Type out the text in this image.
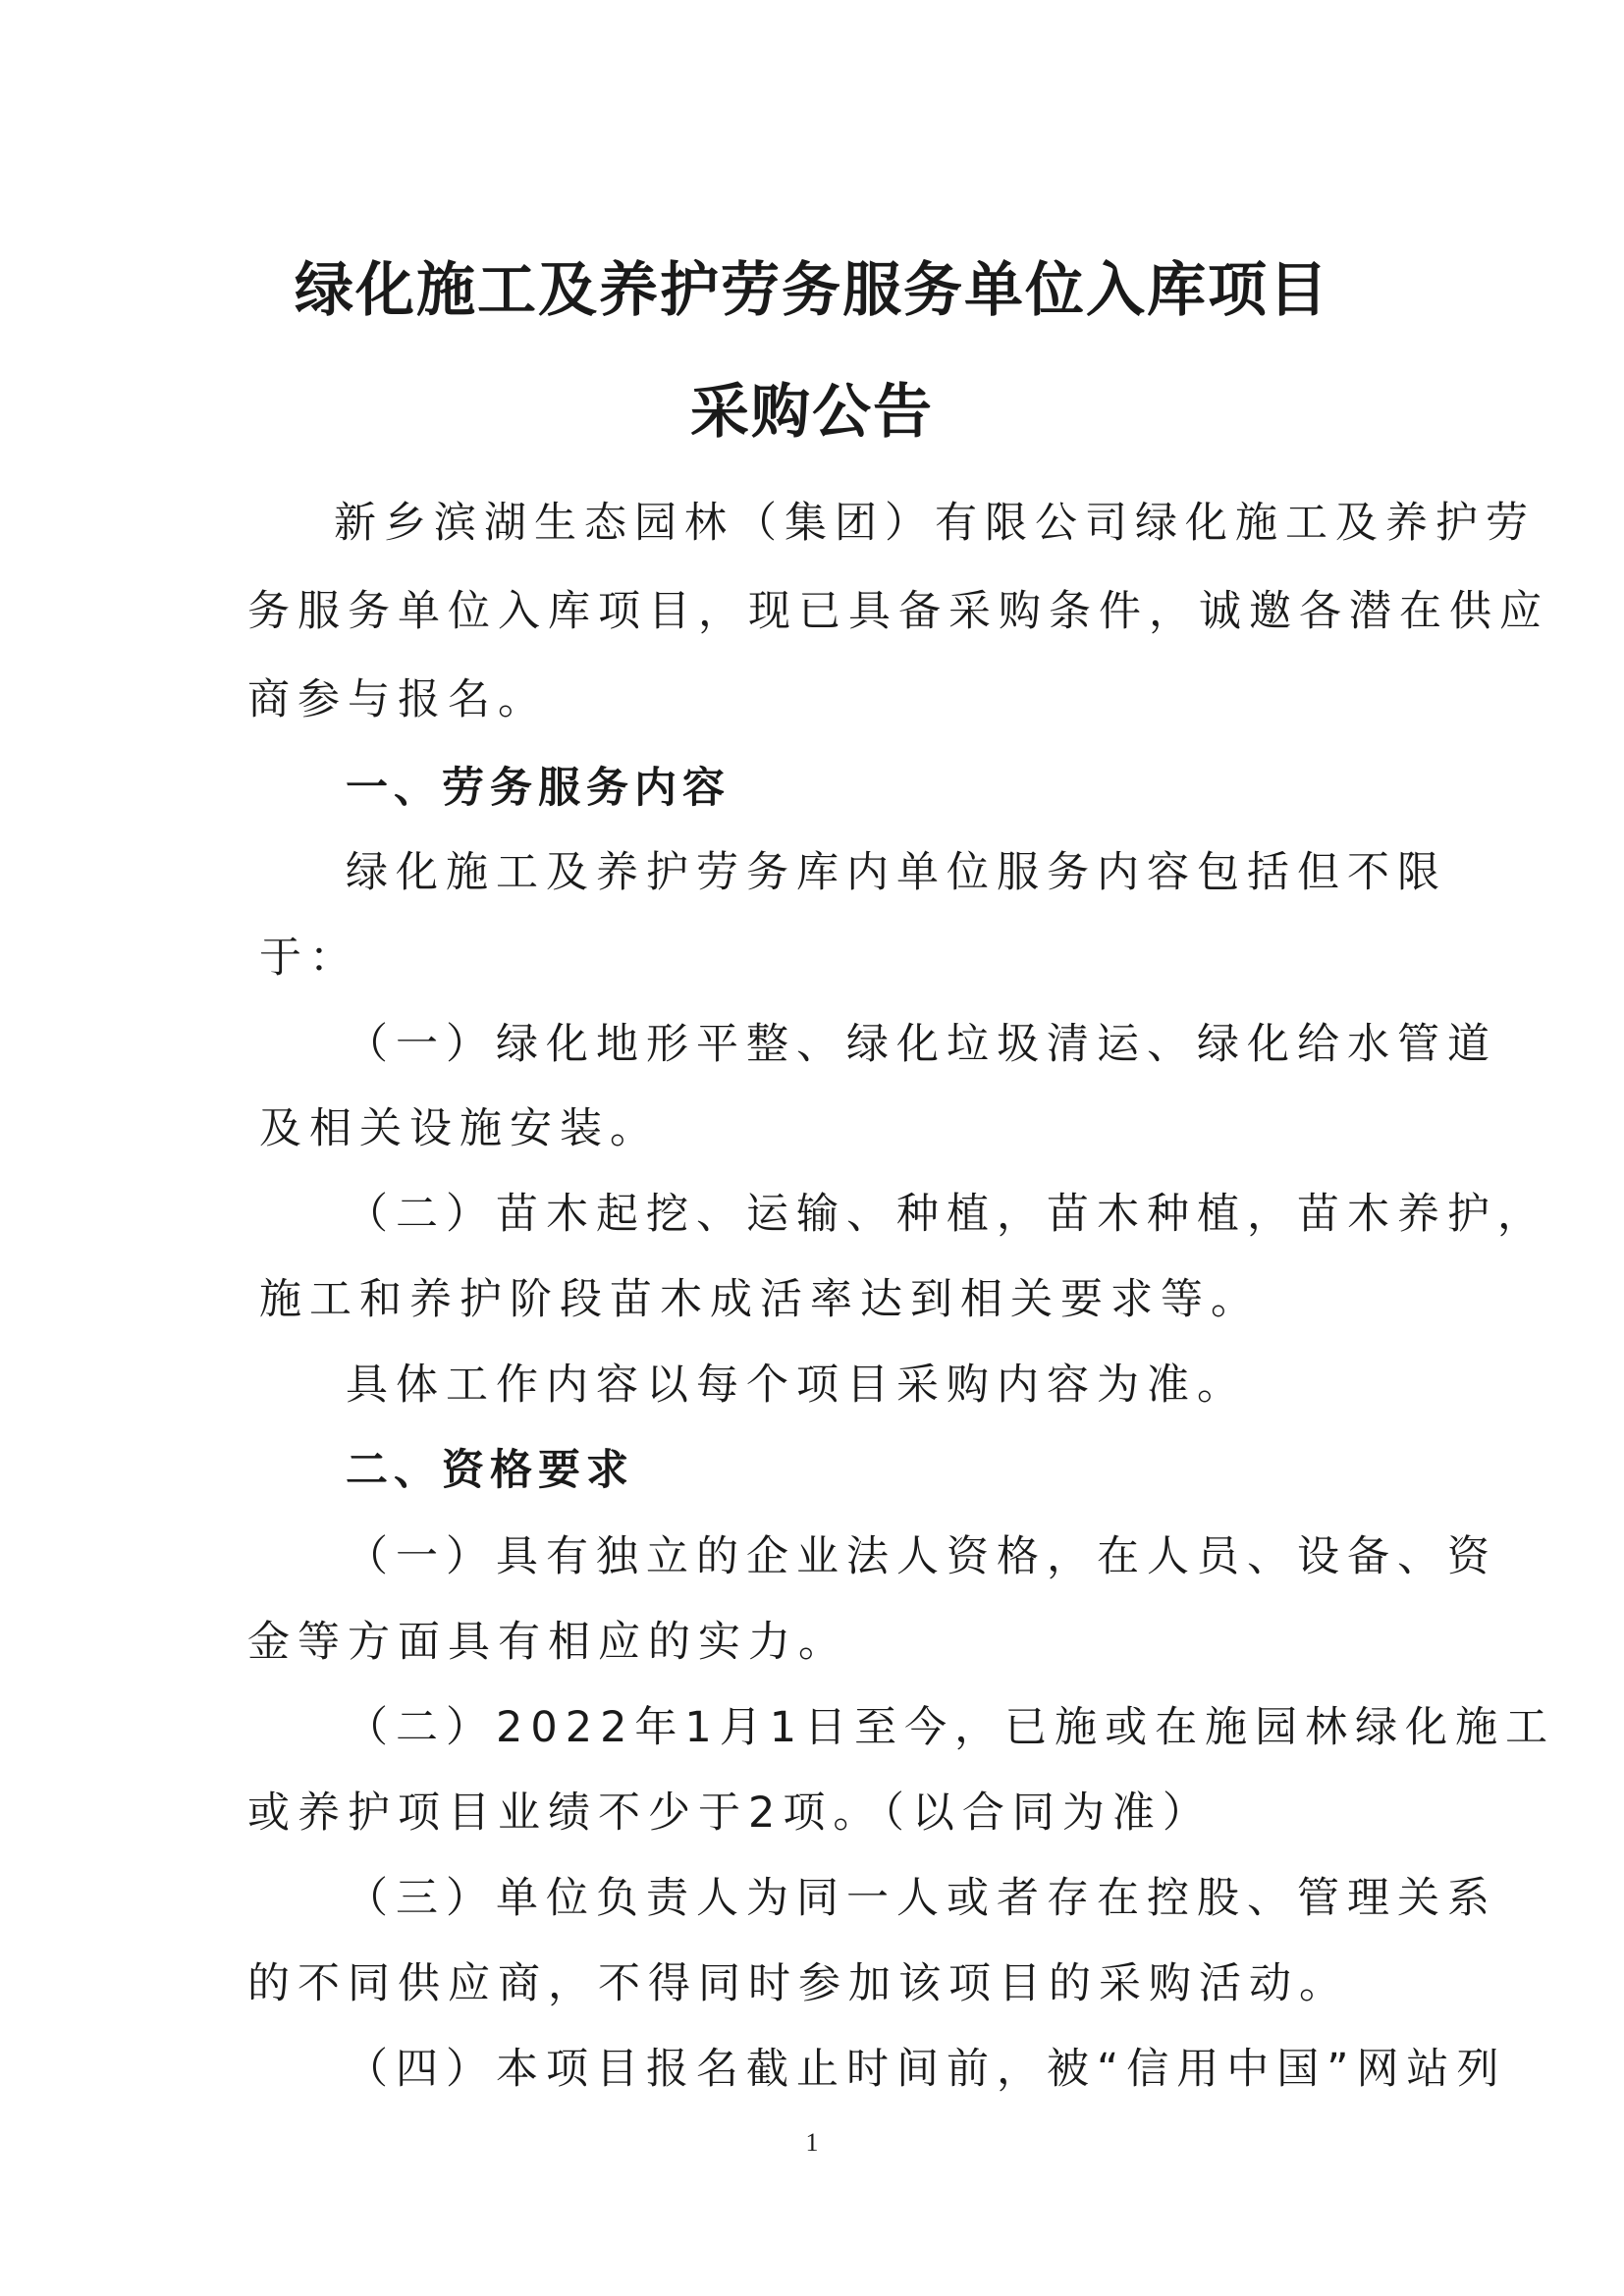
绿化施工及养护劳务服务单位入库项目
采购公告

新乡滨湖生态园林（集团）有限公司绿化施工及养护劳

务服务单位入库项目，现已具备采购条件，诚邀各潜在供应

商参与报名。

一、劳务服务内容

绿化施工及养护劳务库内单位服务内容包括但不限

于：

（一）绿化地形平整、绿化垃圾清运、绿化给水管道

及相关设施安装。

（二）苗木起挖、运输、种植，苗木种植，苗木养护，

施工和养护阶段苗木成活率达到相关要求等。

具体工作内容以每个项目采购内容为准。

二、资格要求

（一）具有独立的企业法人资格，在人员、设备、资

金等方面具有相应的实力。

（二）2022年1月1日至今，已施或在施园林绿化施工

或养护项目业绩不少于2项。（以合同为准）

（三）单位负责人为同一人或者存在控股、管理关系

的不同供应商，不得同时参加该项目的采购活动。

（四）本项目报名截止时间前，被“信用中国”网站列

1
